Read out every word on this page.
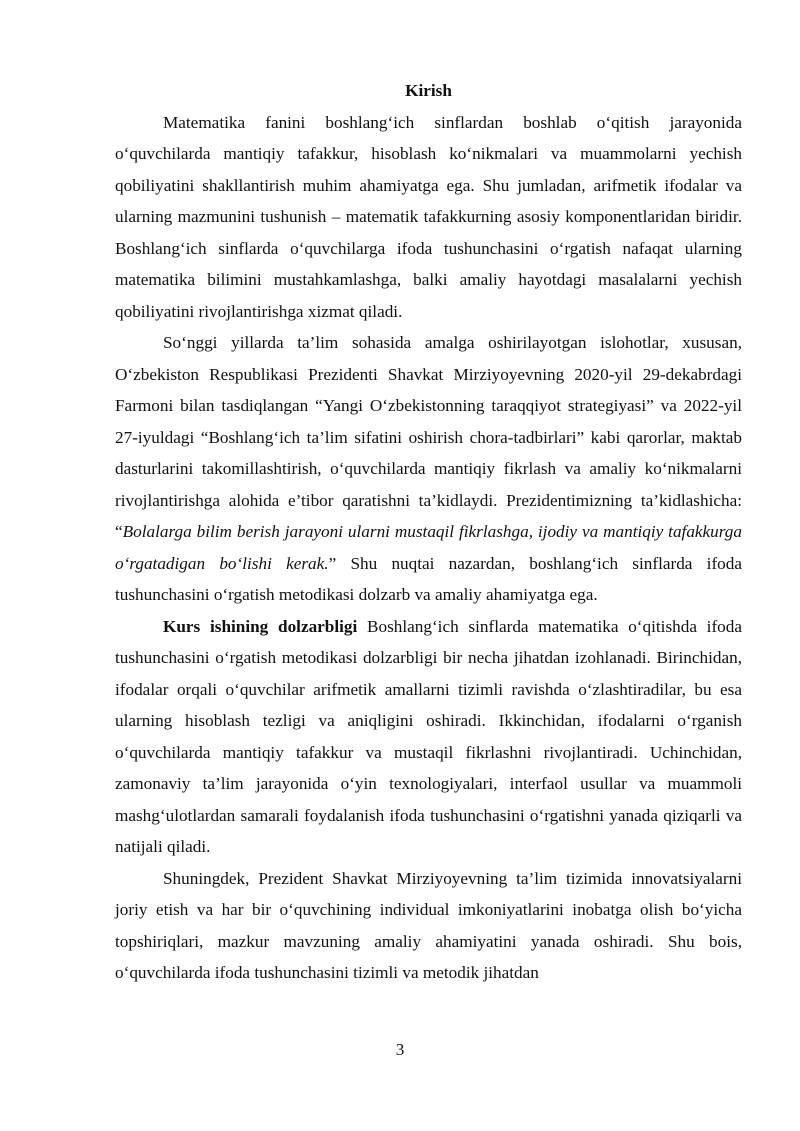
Kirish

Matematika fanini boshlang‘ich sinflardan boshlab o‘qitish jarayonida o‘quvchilarda mantiqiy tafakkur, hisoblash ko‘nikmalari va muammolarni yechish qobiliyatini shakllantirish muhim ahamiyatga ega. Shu jumladan, arifmetik ifodalar va ularning mazmunini tushunish – matematik tafakkurning asosiy komponentlaridan biridir. Boshlang‘ich sinflarda o‘quvchilarga ifoda tushunchasini o‘rgatish nafaqat ularning matematika bilimini mustahkamlashga, balki amaliy hayotdagi masalalarni yechish qobiliyatini rivojlantirishga xizmat qiladi.

So‘nggi yillarda ta’lim sohasida amalga oshirilayotgan islohotlar, xususan, O‘zbekiston Respublikasi Prezidenti Shavkat Mirziyoyevning 2020-yil 29-dekabrdagi Farmoni bilan tasdiqlangan “Yangi O‘zbekistonning taraqqiyot strategiyasi” va 2022-yil 27-iyuldagi “Boshlang‘ich ta’lim sifatini oshirish chora-tadbirlari” kabi qarorlar, maktab dasturlarini takomillashtirish, o‘quvchilarda mantiqiy fikrlash va amaliy ko‘nikmalarni rivojlantirishga alohida e’tibor qaratishni ta’kidlaydi. Prezidentimizning ta’kidlashicha: “Bolalarga bilim berish jarayoni ularni mustaqil fikrlashga, ijodiy va mantiqiy tafakkurga o‘rgatadigan bo‘lishi kerak.” Shu nuqtai nazardan, boshlang‘ich sinflarda ifoda tushunchasini o‘rgatish metodikasi dolzarb va amaliy ahamiyatga ega.

Kurs ishining dolzarbligi Boshlang‘ich sinflarda matematika o‘qitishda ifoda tushunchasini o‘rgatish metodikasi dolzarbligi bir necha jihatdan izohlanadi. Birinchidan, ifodalar orqali o‘quvchilar arifmetik amallarni tizimli ravishda o‘zlashtiradilar, bu esa ularning hisoblash tezligi va aniqligini oshiradi. Ikkinchidan, ifodalarni o‘rganish o‘quvchilarda mantiqiy tafakkur va mustaqil fikrlashni rivojlantiradi. Uchinchidan, zamonaviy ta’lim jarayonida o‘yin texnologiyalari, interfaol usullar va muammoli mashg‘ulotlardan samarali foydalanish ifoda tushunchasini o‘rgatishni yanada qiziqarli va natijali qiladi.

Shuningdek, Prezident Shavkat Mirziyoyevning ta’lim tizimida innovatsiyalarni joriy etish va har bir o‘quvchining individual imkoniyatlarini inobatga olish bo‘yicha topshiriqlari, mazkur mavzuning amaliy ahamiyatini yanada oshiradi. Shu bois, o‘quvchilarda ifoda tushunchasini tizimli va metodik jihatdan

3
